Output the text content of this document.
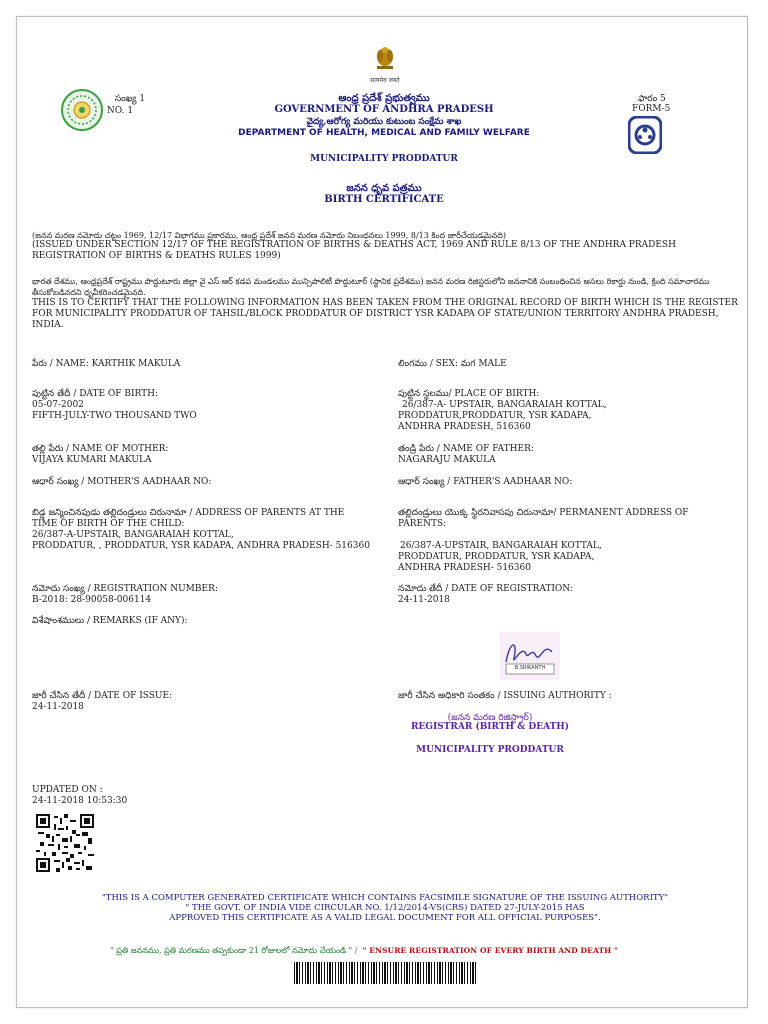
सत्यमेव जयते
సంఖ్య 1
NO. 1
ఫారం 5
FORM-5
ఆంధ్ర ప్రదేశ్ ప్రభుత్వము
GOVERNMENT OF ANDHRA PRADESH
వైద్య,ఆరోగ్య మరియు కుటుంబ సంక్షేమ శాఖ
DEPARTMENT OF HEALTH, MEDICAL AND FAMILY WELFARE
MUNICIPALITY PRODDATUR
జనన ధృవ పత్రము
BIRTH CERTIFICATE
(జనన మరణ నమోదు చట్టం 1969, 12/17 విభాగము ప్రకారము, ఆంధ్ర ప్రదేశ్ జనన మరణ నమోదు నిబంధనలు 1999, 8/13 కింద జారీచేయడమైనది)
(ISSUED UNDER SECTION 12/17 OF THE REGISTRATION OF BIRTHS & DEATHS ACT, 1969 AND RULE 8/13 OF THE ANDHRA PRADESH REGISTRATION OF BIRTHS & DEATHS RULES 1999)
భారత దేశము, ఆంధ్రప్రదేశ్ రాష్ట్రము పొద్దుటూరు జిల్లా వై ఎస్ ఆర్ కడప మండలము మున్సిపాలిటీ పొద్దుటూర్ (స్థానిక ప్రదేశము) జనన మరణ రిజిస్టరులోని జననానికి సంబంధించిన అసలు రికార్డు నుండి, క్రింది సమాచారము తీసుకోబడినదని ధృవీకరించడమైనది.
THIS IS TO CERTIFY THAT THE FOLLOWING INFORMATION HAS BEEN TAKEN FROM THE ORIGINAL RECORD OF BIRTH WHICH IS THE REGISTER FOR MUNICIPALITY PRODDATUR OF TAHSIL/BLOCK PRODDATUR OF DISTRICT YSR KADAPA OF STATE/UNION TERRITORY ANDHRA PRADESH, INDIA.
పేరు / NAME: KARTHIK MAKULA	లింగము / SEX: మగ MALE
పుట్టిన తేదీ / DATE OF BIRTH:
05-07-2002
FIFTH-JULY-TWO THOUSAND TWO
పుట్టిన స్థలము/ PLACE OF BIRTH:
26/387-A- UPSTAIR, BANGARAIAH KOTTAL,
PRODDATUR,PRODDATUR, YSR KADAPA,
ANDHRA PRADESH, 516360
తల్లి పేరు / NAME OF MOTHER:
VIJAYA KUMARI MAKULA
తండ్రి పేరు / NAME OF FATHER:
NAGARAJU MAKULA
ఆధార్ సంఖ్య / MOTHER'S AADHAAR NO:	ఆధార్ సంఖ్య / FATHER'S AADHAAR NO:
బిడ్డ జన్మించినపుడు తల్లిదండ్రులు చిరునామా / ADDRESS OF PARENTS AT THE
TIME OF BIRTH OF THE CHILD:
26/387-A-UPSTAIR, BANGARAIAH KOTTAL,
PRODDATUR, , PRODDATUR, YSR KADAPA, ANDHRA PRADESH- 516360
తల్లిదండ్రులు యొక్క స్థిరనివాసపు చిరునామా/ PERMANENT ADDRESS OF
PARENTS:
26/387-A-UPSTAIR, BANGARAIAH KOTTAL,
PRODDATUR, PRODDATUR, YSR KADAPA,
ANDHRA PRADESH- 516360
నమోదు సంఖ్య / REGISTRATION NUMBER:
B-2018: 28-90058-006114
నమోదు తేదీ / DATE OF REGISTRATION:
24-11-2018
విశేషాంశములు / REMARKS (IF ANY):
B.SRIKANTH
జారీ చేసిన తేదీ / DATE OF ISSUE:
24-11-2018
జారీ చేసిన అధికారి సంతకం / ISSUING AUTHORITY :
(జనన మరణ రిజిస్ట్రార్)
REGISTRAR (BIRTH & DEATH)
MUNICIPALITY PRODDATUR
UPDATED ON :
24-11-2018 10:53:30
"THIS IS A COMPUTER GENERATED CERTIFICATE WHICH CONTAINS FACSIMILE SIGNATURE OF THE ISSUING AUTHORITY"
" THE GOVT. OF INDIA VIDE CIRCULAR NO. 1/12/2014-VS(CRS) DATED 27-JULY-2015 HAS
APPROVED THIS CERTIFICATE AS A VALID LEGAL DOCUMENT FOR ALL OFFICIAL PURPOSES".
" ప్రతి జననము, ప్రతి మరణము తప్పకుండా 21 రోజులలో నమోదు చేయండి " / " ENSURE REGISTRATION OF EVERY BIRTH AND DEATH "
